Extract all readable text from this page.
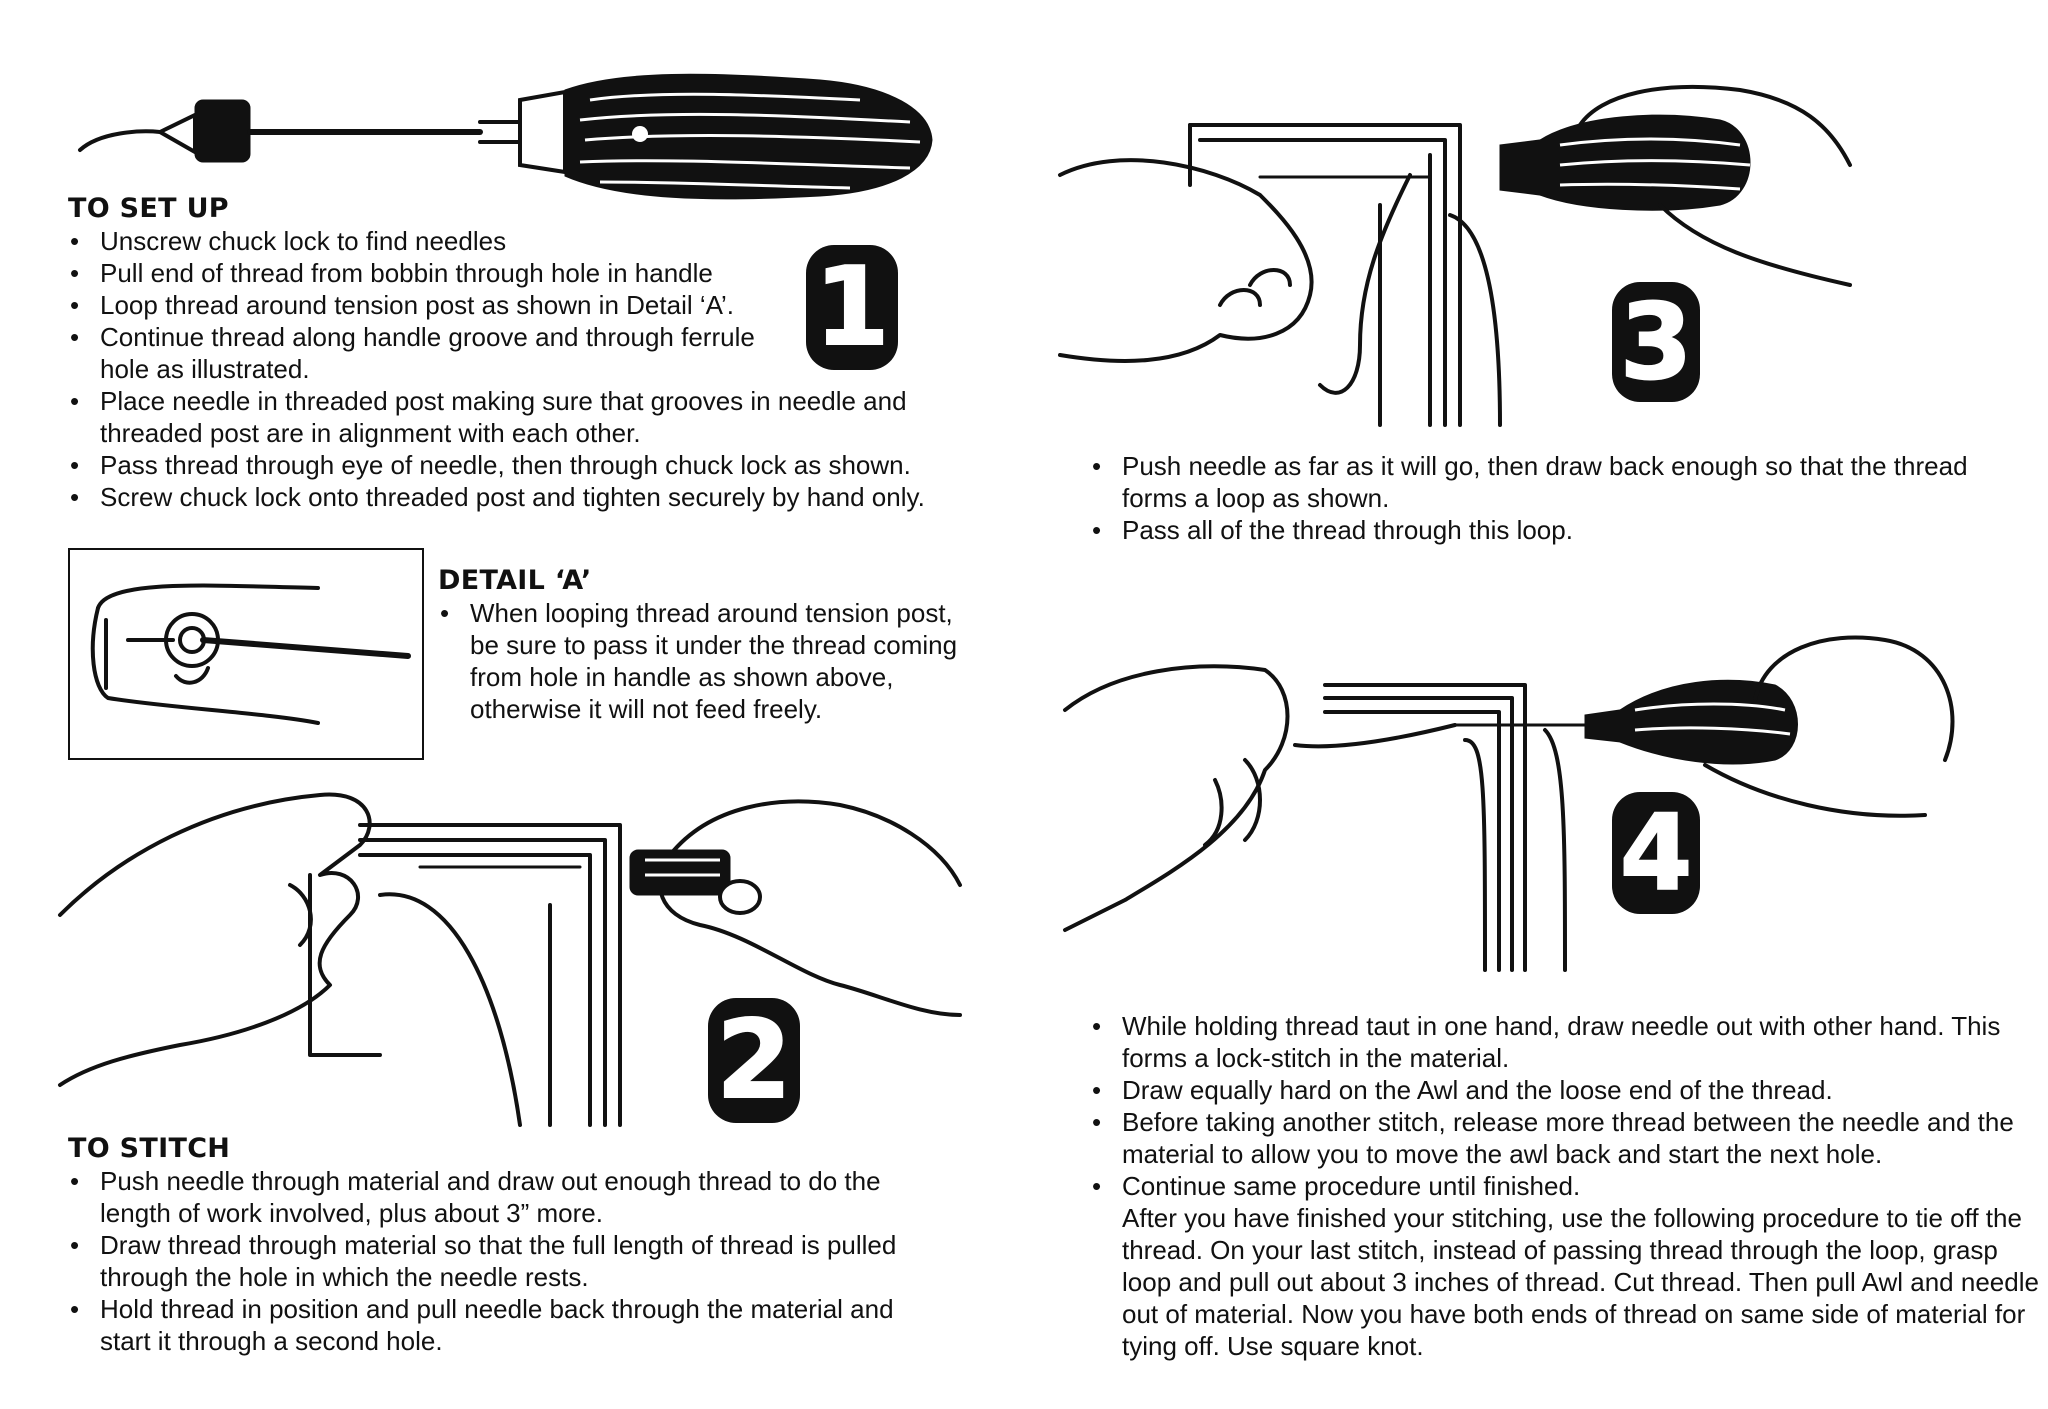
TO SET UP
• Unscrew chuck lock to find needles
• Pull end of thread from bobbin through hole in handle
• Loop thread around tension post as shown in Detail ‘A’.
• Continue thread along handle groove and through ferrule hole as illustrated.
• Place needle in threaded post making sure that grooves in needle and threaded post are in alignment with each other.
• Pass thread through eye of needle, then through chuck lock as shown.
• Screw chuck lock onto threaded post and tighten securely by hand only.
1
DETAIL ‘A’
• When looping thread around tension post, be sure to pass it under the thread coming from hole in handle as shown above, otherwise it will not feed freely.
2
TO STITCH
• Push needle through material and draw out enough thread to do the length of work involved, plus about 3” more.
• Draw thread through material so that the full length of thread is pulled through the hole in which the needle rests.
• Hold thread in position and pull needle back through the material and start it through a second hole.
3
• Push needle as far as it will go, then draw back enough so that the thread forms a loop as shown.
• Pass all of the thread through this loop.
4
• While holding thread taut in one hand, draw needle out with other hand. This forms a lock-stitch in the material.
• Draw equally hard on the Awl and the loose end of the thread.
• Before taking another stitch, release more thread between the needle and the material to allow you to move the awl back and start the next hole.
• Continue same procedure until finished.
After you have finished your stitching, use the following procedure to tie off the thread. On your last stitch, instead of passing thread through the loop, grasp loop and pull out about 3 inches of thread. Cut thread. Then pull Awl and needle out of material. Now you have both ends of thread on same side of material for tying off. Use square knot.
